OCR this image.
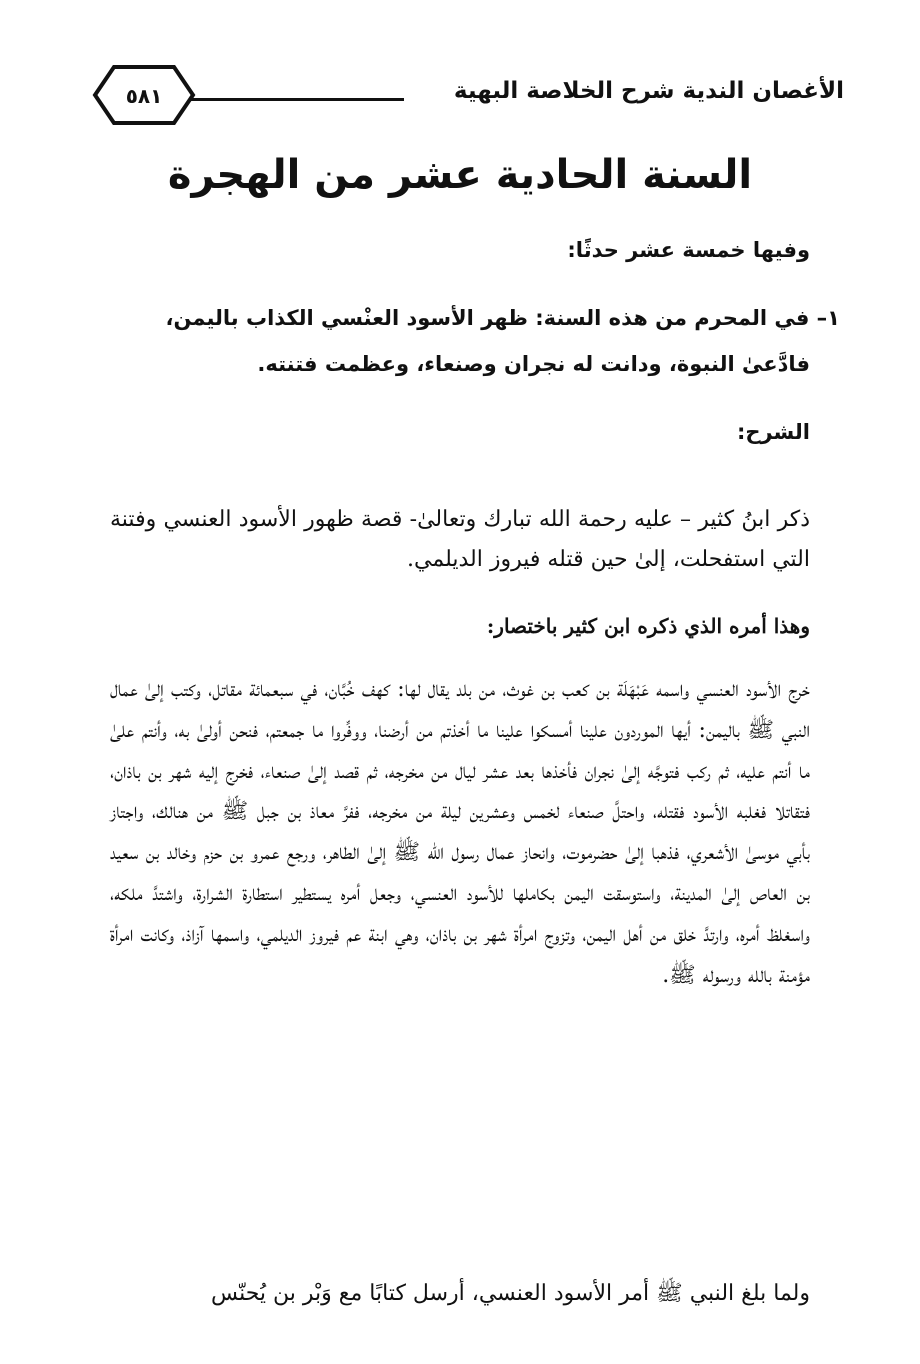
الأغصان الندية شرح الخلاصة البهية
٥٨١
السنة الحادية عشر من الهجرة
وفيها خمسة عشر حدثًا:
١– في المحرم من هذه السنة: ظهر الأسود العنْسي الكذاب باليمن،
فادَّعىٰ النبوة، ودانت له نجران وصنعاء، وعظمت فتنته.
الشرح:

ذكر ابنُ كثير – عليه رحمة الله تبارك وتعالىٰ- قصة ظهور الأسود العنسي وفتنة التي استفحلت، إلىٰ حين قتله فيروز الديلمي.

وهذا أمره الذي ذكره ابن كثير باختصار:

خرج الأسود العنسي واسمه عَبْهَلَة بن كعب بن غوث، من بلد يقال لها: كهف خُبَّان، في سبعمائة مقاتل، وكتب إلىٰ عمال النبي ﷺ باليمن: أيها الموردون علينا أمسكوا علينا ما أخذتم من أرضنا، ووفِّروا ما جمعتم، فنحن أولىٰ به، وأنتم علىٰ ما أنتم عليه، ثم ركب فتوجَّه إلىٰ نجران فأخذها بعد عشر ليال من مخرجه، ثم قصد إلىٰ صنعاء، فخرج إليه شهر بن باذان، فتقاتلا فغلبه الأسود فقتله، واحتلَّ صنعاء لخمس وعشرين ليلة من مخرجه، ففرَّ معاذ بن جبل ﷺ من هنالك، واجتاز بأبي موسىٰ الأشعري، فذهبا إلىٰ حضرموت، وانحاز عمال رسول الله ﷺ إلىٰ الطاهر، ورجع عمرو بن حزم وخالد بن سعيد بن العاص إلىٰ المدينة، واستوسقت اليمن بكاملها للأسود العنسي، وجعل أمره يستطير استطارة الشرارة، واشتدَّ ملكه، واسغلظ أمره، وارتدَّ خلق من أهل اليمن، وتزوج امرأة شهر بن باذان، وهي ابنة عم فيروز الديلمي، واسمها آزاذ، وكانت امرأة مؤمنة بالله ورسوله ﷺ.

ولما بلغ النبي ﷺ أمر الأسود العنسي، أرسل كتابًا مع وَبْر بن يُحنّس
